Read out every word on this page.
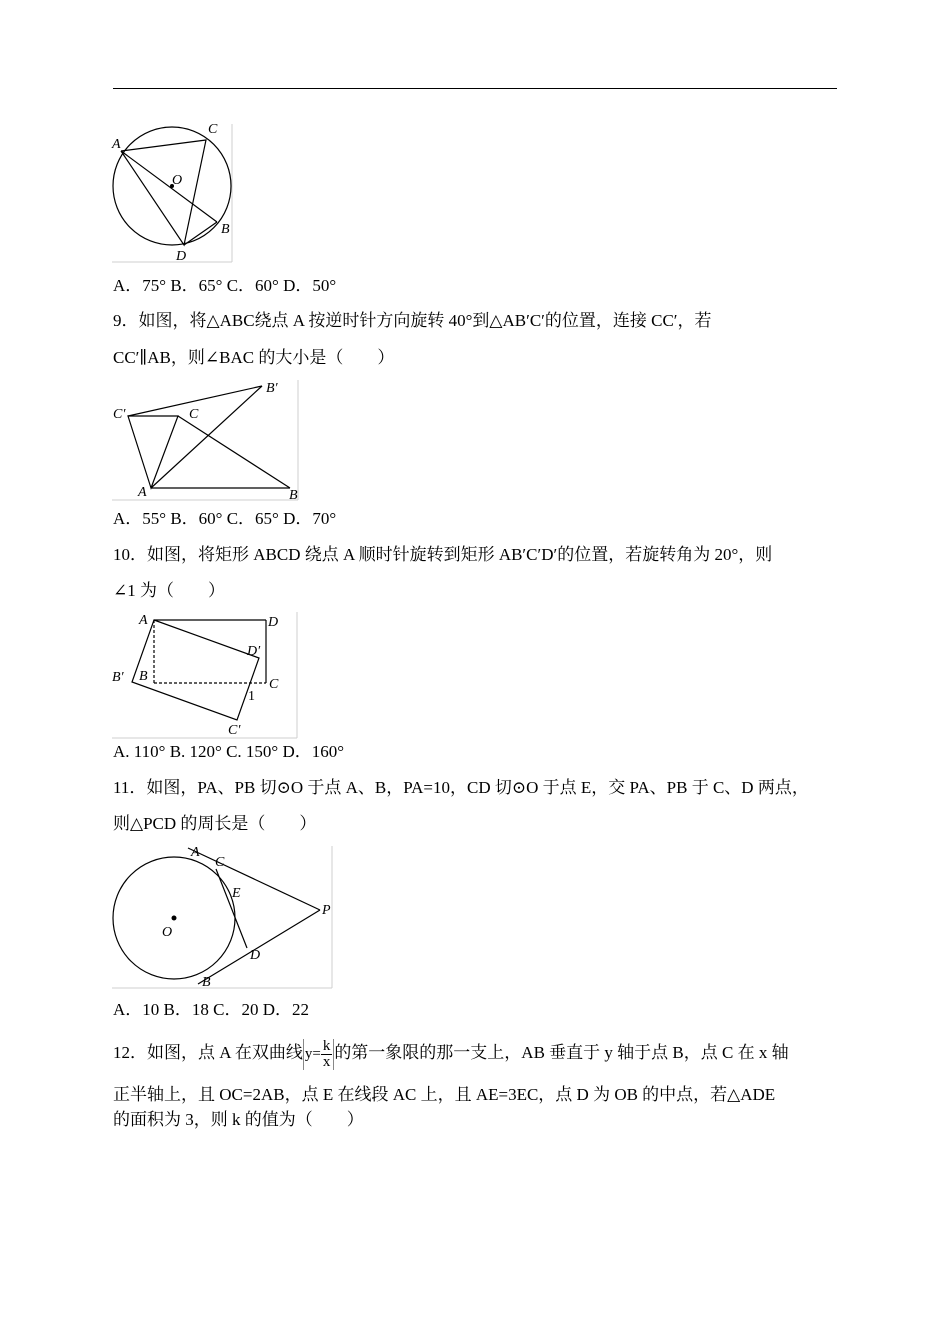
A
C
O
B
D
A．75° B．65° C．60° D．50°
9．如图，将△ABC绕点 A 按逆时针方向旋转 40°到△AB′C′的位置，连接 CC′，若
CC′∥AB，则∠BAC 的大小是（　　）
C′	C
B′
A	B
A．55° B．60° C．65° D．70°
10．如图，将矩形 ABCD 绕点 A 顺时针旋转到矩形 AB′C′D′的位置，若旋转角为 20°，则
∠1 为（　　）
A	D
D′
B′ B
C
1
C′
A. 110° B. 120° C. 150° D．160°
11．如图，PA、PB 切⊙O 于点 A、B，PA=10，CD 切⊙O 于点 E，交 PA、PB 于 C、D 两点，
则△PCD 的周长是（　　）
A
C
E
P
O
D
B
A．10 B．18 C．20 D．22
12．如图，点 A 在双曲线 $y= \frac{k}{x}$ 的第一象限的那一支上，AB 垂直于 y 轴于点 B，点 C 在 x 轴
正半轴上，且 OC=2AB，点 E 在线段 AC 上，且 AE=3EC，点 D 为 OB 的中点，若△ADE
的面积为 3，则 k 的值为（　　）
